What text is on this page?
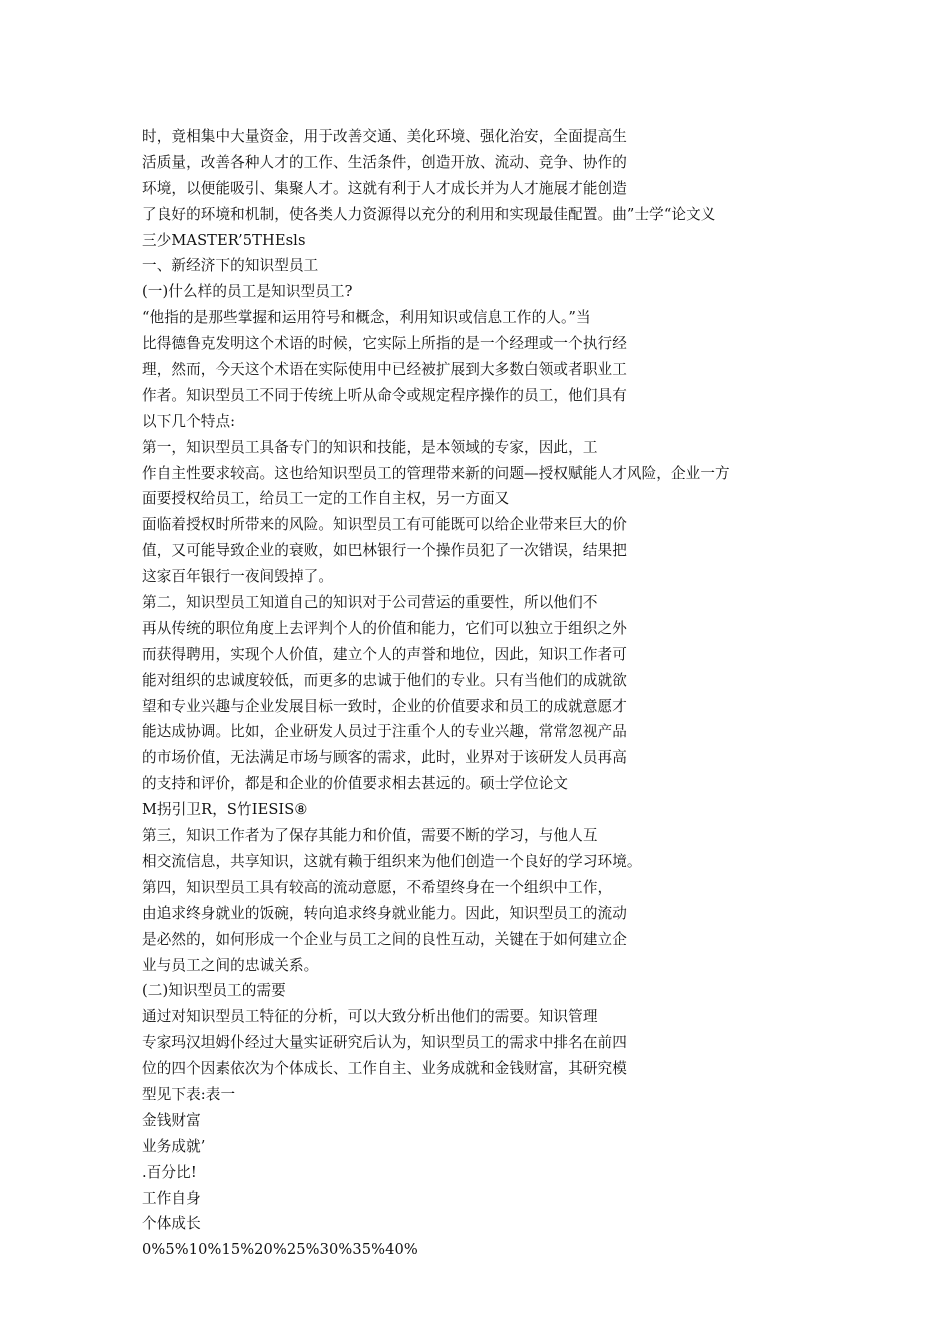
时，竟相集中大量资金，用于改善交通、美化环境、强化治安，全面提高生
活质量，改善各种人才的工作、生活条件，创造开放、流动、竞争、协作的
环境，以便能吸引、集聚人才。这就有利于人才成长并为人才施展才能创造
了良好的环境和机制，使各类人力资源得以充分的利用和实现最佳配置。曲”士学“论文义
三少MASTER’5THEsls
一、新经济下的知识型员工
(一)什么样的员工是知识型员工?
“他指的是那些掌握和运用符号和概念，利用知识或信息工作的人。”当
比得德鲁克发明这个术语的时候，它实际上所指的是一个经理或一个执行经
理，然而，今天这个术语在实际使用中已经被扩展到大多数白领或者职业工
作者。知识型员工不同于传统上听从命令或规定程序操作的员工，他们具有
以下几个特点:
第一，知识型员工具备专门的知识和技能，是本领域的专家，因此，工
作自主性要求较高。这也给知识型员工的管理带来新的问题—授权赋能人才风险，企业一方
面要授权给员工，给员工一定的工作自主权，另一方面又
面临着授权时所带来的风险。知识型员工有可能既可以给企业带来巨大的价
值，又可能导致企业的衰败，如巴林银行一个操作员犯了一次错误，结果把
这家百年银行一夜间毁掉了。
第二，知识型员工知道自己的知识对于公司营运的重要性，所以他们不
再从传统的职位角度上去评判个人的价值和能力，它们可以独立于组织之外
而获得聘用，实现个人价值，建立个人的声誉和地位，因此，知识工作者可
能对组织的忠诚度较低，而更多的忠诚于他们的专业。只有当他们的成就欲
望和专业兴趣与企业发展目标一致时，企业的价值要求和员工的成就意愿才
能达成协调。比如，企业研发人员过于注重个人的专业兴趣，常常忽视产品
的市场价值，无法满足市场与顾客的需求，此时，业界对于该研发人员再高
的支持和评价，都是和企业的价值要求相去甚远的。硕士学位论文
M拐引卫R，S竹IESIS⑧
第三，知识工作者为了保存其能力和价值，需要不断的学习，与他人互
相交流信息，共享知识，这就有赖于组织来为他们创造一个良好的学习环境。
第四，知识型员工具有较高的流动意愿，不希望终身在一个组织中工作，
由追求终身就业的饭碗，转向追求终身就业能力。因此，知识型员工的流动
是必然的，如何形成一个企业与员工之间的良性互动，关键在于如何建立企
业与员工之间的忠诚关系。
(二)知识型员工的需要
通过对知识型员工特征的分析，可以大致分析出他们的需要。知识管理
专家玛汉坦姆仆经过大量实证研究后认为，知识型员工的需求中排名在前四
位的四个因素依次为个体成长、工作自主、业务成就和金钱财富，其研究模
型见下表:表一
金钱财富
业务成就’
.百分比!
工作自身
个体成长
0%5%10%15%20%25%30%35%40%
